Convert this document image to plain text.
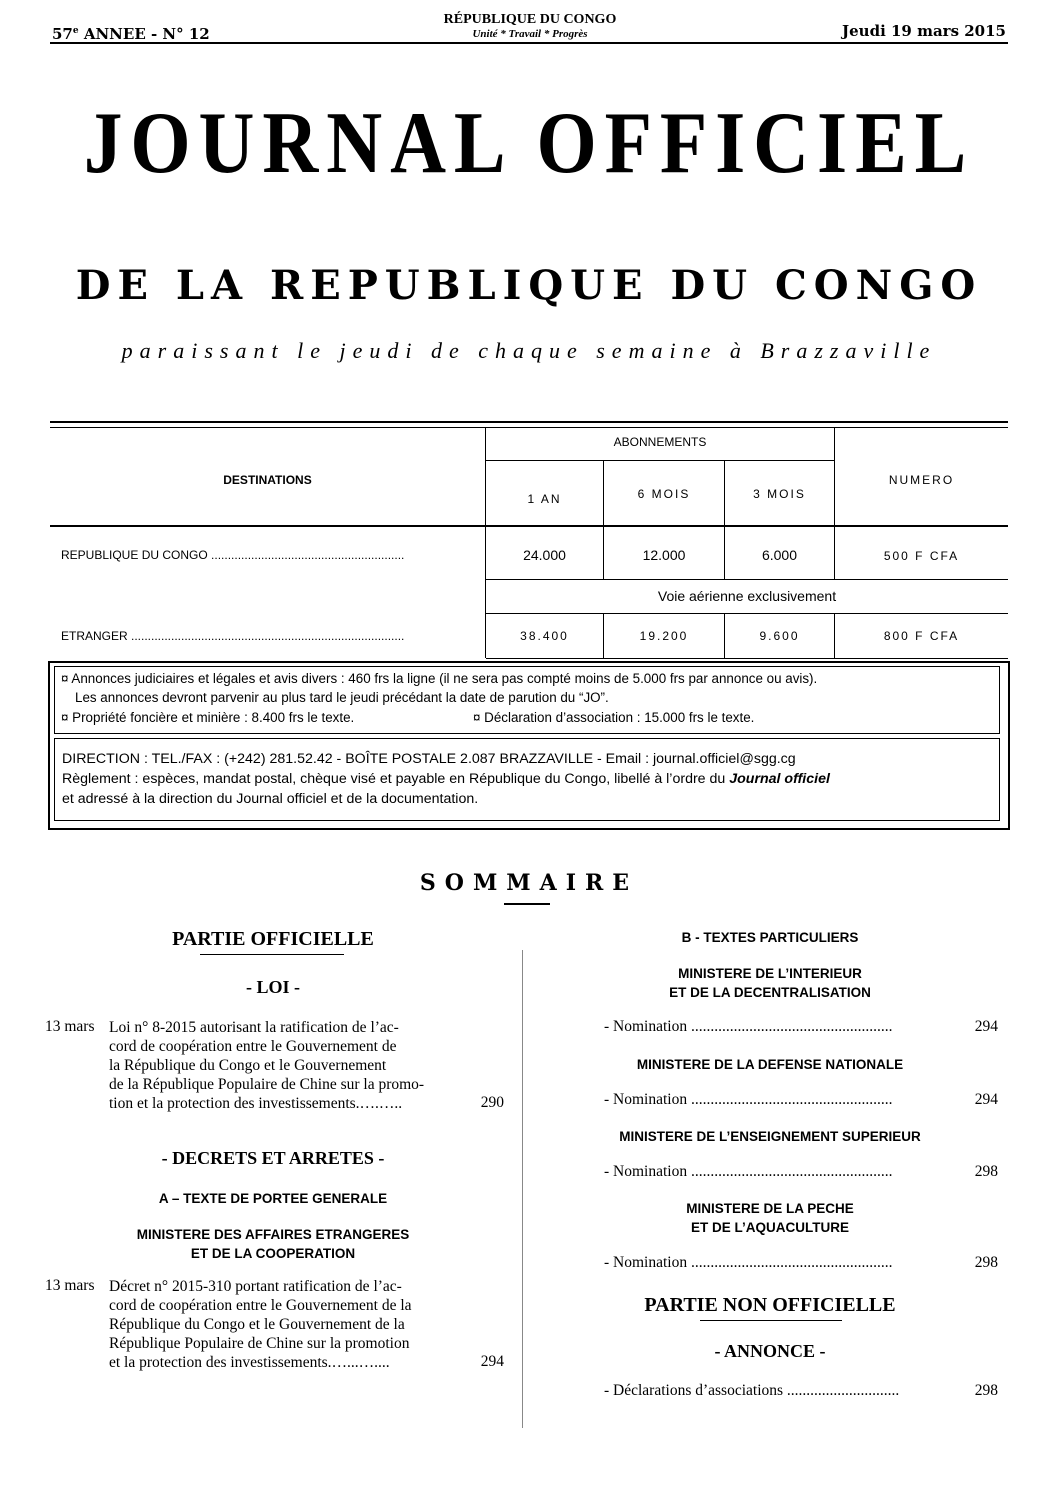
57e ANNEE - N° 12
RÉPUBLIQUE DU CONGO
Unité * Travail * Progrès	Jeudi 19 mars 2015
JOURNAL OFFICIEL
DE LA REPUBLIQUE DU CONGO
paraissant le jeudi de chaque semaine à Brazzaville
DESTINATIONS
ABONNEMENTS
1 AN	6 MOIS	3 MOIS
NUMERO
REPUBLIQUE DU CONGO ..........................................................	24.000	12.000	6.000	500 F CFA
Voie aérienne exclusivement
ETRANGER ..................................................................................	38.400	19.200	9.600	800 F CFA
¤ Annonces judiciaires et légales et avis divers : 460 frs la ligne (il ne sera pas compté moins de 5.000 frs par annonce ou avis).
Les annonces devront parvenir au plus tard le jeudi précédant la date de parution du “JO”.
¤ Propriété foncière et minière : 8.400 frs le texte.	¤ Déclaration d’association : 15.000 frs le texte.
DIRECTION : TEL./FAX : (+242) 281.52.42 - BOÎTE POSTALE 2.087 BRAZZAVILLE - Email : journal.officiel@sgg.cg
Règlement : espèces, mandat postal, chèque visé et payable en République du Congo, libellé à l’ordre du Journal officiel
et adressé à la direction du Journal officiel et de la documentation.
SOMMAIRE
PARTIE OFFICIELLE
- LOI -
13 mars Loi n° 8-2015 autorisant la ratification de l’ac-
cord de coopération entre le Gouvernement de
la République du Congo et le Gouvernement
de la République Populaire de Chine sur la promo-
tion et la protection des investissements.….…..	290
- DECRETS ET ARRETES -
A – TEXTE DE PORTEE GENERALE
MINISTERE DES AFFAIRES ETRANGERES
ET DE LA COOPERATION
13 mars Décret n° 2015-310 portant ratification de l’ac-
cord de coopération entre le Gouvernement de la
République du Congo et le Gouvernement de la
République Populaire de Chine sur la promotion
et la protection des investissements.…...…....	294
B - TEXTES PARTICULIERS
MINISTERE DE L’INTERIEUR
ET DE LA DECENTRALISATION
- Nomination ....................................................	294
MINISTERE DE LA DEFENSE NATIONALE
- Nomination ....................................................	294
MINISTERE DE L’ENSEIGNEMENT SUPERIEUR
- Nomination ....................................................	298
MINISTERE DE LA PECHE
ET DE L’AQUACULTURE
- Nomination ....................................................	298
PARTIE NON OFFICIELLE
- ANNONCE -
- Déclarations d’associations .............................	298
